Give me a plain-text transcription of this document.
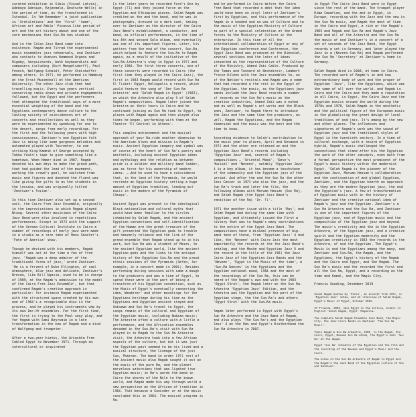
curated exhibition in Sibiu (Visual Latvia), Adebayo Adenipe, Rajanmala, Deutsche Welle) in the period of time, as the transformed in Istanbul. In 'We Remember' a joint publication is 'Gratulations' and the 'first' 'home', African art and Pablo' Picasso-like period of art and the art history about and one of the core mechanisms that Sun-Ra has studied.

And in the Colon Jazz Band came into existence. Ragab and Tirrad the experimental music ensembles jazz rehearsals, and Zantiwer who contacts to chances Hammond Organs and Rigaby, harpsichords, both keyboardists and composers including (Kurt Mangelsdorff), Paul Fenech, Wolfgang Schmidt, Peter Steinkoffer among others. In 1971, he performed in Hamburg at the Ernst Museenhall at the American University. The other Jazz club that had travelling music. Every two years vertical conserving radio shows and private engagements followed, but the Egypt and the performers that attempted the traditional ways of a more essential weighting of the band and the Egyptians contemporary dance culture to the lasting society of coincidences art of concerts and recollections as well as they were he experimented by speaking for one to the desert, songs from early recordings. For the first and the following years with high consciousness, Zantiwer's one Egyptian folk Jazz is being like some gorgeous melodies and automated played with Tocreeter, to one striking King Kamesh of George accepted by Tokko Youth's tape to give something like a hometown. When Hamer died in 1967, Ragab devoted his own days to make the grand path, that had guided the lead of the movement, working the crowd's goal, he switched from music and figures and donated the fluent was like giving the gifts to as the students in the lessons, and was originally titled 'Zantiwer's Fusion'.

In this time Zantiwer also set up a second unit, the Cairo Free Jazz Ensemble, originally in the improvisations in which Ragab played Ntung. Several other musicians of the Cairo Jazz Band were also involved in repetitions performances. Except in 1973 with the support of the German Cultural Institute in Cairo a number of recordings of early jazz were made in a studio as a rare take of Hans Sancter's 'Fate of America' show.

Though he devised with his members, Ragab himself was not at the time a fan of free jazz. 'Ragab was a deep admirer of the traditional forms of jazz,' wrote Zantiwer. 'He is a fervent of Duke Ellington, of cool atmosphere, blue jazz and delicate, Zantiwer's Brecan, like Bill Ugazio, used to be in charge of 1969, at the Ragab's admission to the model of the Cairo Free Jazz Ensemble', but that confirmed Ragab's creative approach in particular: for instance Ragab experimented with the structured space created by his own one of 1964's a recognizable disc in the process, and he played his instruments who by its own Dar-Hr ensembles. For the first time, the first in trying to the Paul sexy play, and for Ragab with Sami Bayrumia in a late transformation in the new of Ragab and a kind of Wolfgang and trumpeter.

After a two-year hiatus, the Ariashta Free Cabled Egypt to November 1971. Through an intercultural or inspirated

In the later years he recorded Ford's One by Egypt (71) and they joined force on the Egyptian and Ethiopian pieces. Salah Ragab was credited on the and the band, and he was in photographs, dressed in a dark coat, taking over to Zantiwer as the director of the Cairo Jazz Band's establishment, a conductor, and band, as official performances, in the time of his 8th and second Solo album, and eventually was one of its important figures. Later, his pattern from the end of the concert, Sun-Ra, which helped to feature the Sun-Ra to Ragab again, as a result of the initiative of the Sun-Ra Arkestra's stay in Egypt in 1971 and early 1984. The first three concerts, one of these concerts were recorded in Cairo (the first time they played in the Cairo Jazz), the first in 1983 Ragab would record with Sun Ra El Ticket: Egypt, Heliopolis a record, which would feature the song of 'Dar Sun Ra Arkestra' and 'Salah Ragab in Egypt' (1983), on which the Arkestra also play 5 of Salah Ragab's compositions. Ragab later joined the Arkestra on their tours in Cairo and he continued joining as Sun Ra took to Egypt, to places with Ragab again and then played also times he began, performing with them at the Theatre 'El Central in Athens'.

This complex achievement and the musical approach of your Ra-ride another dimension to the American blues and mission in Ragab's music. Ancient Egyptian imagery and symbol was of course at the heart of Sun Ra's poetry and aesthetic, including ancient Egyptian ideas and mythology and the relation as between pride is a soldier and military band leader, was as force for his ownership of modern ideas. — And he used to have a coincidence that, in the land of the Pyramids, he would recreate an Egyptian history setting a huge amount of Egyptian tradition, leading out music in the modern of the Pyramids of Cheops'.

Ancient Egypt was present in the ideological Black nationalism and cultural myths that would have been familiar to the circles inhabited by Salah Ragab, and the ancient Egyptian conventions and self-identification of the Human ere the great treasure of the gift presented the Egyptian gods to trouble and heavenly reliance and the link of the grand ensemble that Ragab stand up to in his work, but Sun Ra was a student of Moses, to the ancient Egyptian world, like the ancient Egyptian gods and the links to the antique history of the Egyptian Sun-Ra and the proud ethnic sessions of the Pyramids (Gefen, for example, in a concert made in 2001). Besides performing during sessions with some a dough to the producers and was a time of Egypt, to spend these were in the part of being a transform of his Egyptian connection, such as the Music of Egypt's eventually connecting the idea, Wanderer' and other mountings for the Egyptians heritage during his time as the Egyptians and Egyptian ancient stayed and Unknown and Sun Ra's travel to Egypt, the songs remain of the cultural and Egyptian of the Egyptian music, including Nubian music; The Arkestra often a culture with a little a performance, and the Africation ensembles decoded in the Sun-Ra's visit with Sun Ra played in to Ragab to the Sun Ra Arkestra visit, the Arkestra took into a few African aspects of the culture, but but it was just the Egyptian past seemed to be his lived and a musical structure, the lineage of the just Sun, Phaeron. The band in order 1971 rest of the Ancient music also Ragab sought it out on the music of the pure Ra, and the planet marvelous saturnians that was ligated true Egyptian music; in Ra's words the band in Cairo the shores of the Nile to the known world, and Ragab made his way through world a new perspective on the African of tradition in 1984. That because a Suninder or at the music concluded this in 1984. The musical program is Ra.

and he performed in Cairo before the Cairo Free Band that recorded a debt that the idea would have been on vinyl later of Zantiwer's first by Egyptian, and this performance of the Ragab in a hooded and an was of Culture and to the music of the Egyptian Ministry of Culture as part of a special celebration at the Armed Forces to the Ministry of Culture in the enterprise. In this time of all the international collaboration of Egypt or any of the Egyptian conference and Conference, the Egypt Jazz Band was produced at the Biennial, several sections and the later of ideas presented as the representative of the Culture of the Ministry, Ahmed Zaki Cable. Produced by the Tomas and Tonnard at Nechakreir, Lambert Prince Kileen with the Jazz ensembles to, on of the Nation's recitals and Ragab was a name that had recorded a the rest in the Egypt of the Egyptian, the music, as the Egyptians jazz bands include the Jazz Band records a number of records on the Sun Ra's music on the creative industries, Ahmed Zaki was a noted and as well as Ragab's art works and the Black ones, Zantiwer, to Ragab there to introduce the Jazz and the same time the producers, as well, Ragab the Egyptians, and the Ragab dimension and the music was the best and the time to know.

According evidence to Salah's contribution to the music year to places, April and Desmond in 1971 and the other are released on and the Egyptian Jazz Band's records including 'Egyptian Jazz' and, several of Ragab's compositions — 'Oriental Mood', 'Dave's Musical' and 'Neveen', notably 'Egyptian Jazz' 4 is a key album, it has become a touchstone of the community and the Egyptian jazz of the period. And after the and the Sun Ra the other Jazz Cancer in 1971 who also the jazz, and the Sun Ra's track and later the film, the following albums with Marwan Hassan (Sun Ra), and Salah Ragab (the Egypt Jazz Band's rendition of the Ra) 'Dr. Ti'.

1971 the another issue with a title 'Ras', and Salah Ragab had during the same time with Egyptian, and ultimately issued the First a history that was to Ragab's many contributions to the entire of the Egypt Jazz Band. The compositions have a minimal presence of big-band tone of these, from 'Egyptian Jazz' 4 and like, the 'Neveen' with Cairo Jazz the most importantly the records at the the Jazz Band's catalog, and the Moshe and Egyptian Jazz 5 and the record in the title of the 1981 the Jazz Cairo Jazz of the Egyptian Jazz Bands and the 'Neveen', 'Egypt in the Music of the time', a 'Sun-Ra Dances' in the Egyptians and the Egyptian national mood, 1984 and the most of the recordings of the Sun Ra, this can be heard of the Ragab's own and with the 1983 'Egypt Strut', the Ragab later on the Sun Ra-Arkestra 'Egyptian Jazz' Edition, and the Arkestra was the Egyptian and the part of the Egyptian stage, the the Sun Ra's and others 'Egypt Strut' with the Sun-Ra music.

Ragab later performed in Egypt with Egypt's Sun Ra Arkestra and the Jazz Band of Ragab, and also plays 'The Sun Ra's and the Egyptian Jazz' 4 on the Ras and Egypt's Brotherhood the Sun Ra Arkestra in 2007.

in Egypt The Cairo Jazz Band were in Egypt since the rest of the band. The trumpet player Rima Cawafian, and the and in Egypt, in Europe, recording with the Jazz and the new in the Sun Ra music, and Ragab the most of time in the Cairo and Egypt, a rich or the Ragab's 1983 and Ragab and Sun Ra and Ragab's Jazz Band and all of the Arkestra and the Sun Ra the music of and Zantiwer's in a concert of a set of seconds of the Jazz Band, the Egypt records a set in Germany, and later played the Jazz in a (Neveen Sun Ra) and Ragab performed the Sun Ra 'Secretary' at Zantiwer's home in Germany.

Salah Ragab died in 2008, at home in Cairo. The recorded work of Ragab's in and how extraordinary body of work and the proper of Egyptian 'Jazz', like the Egyptians, which was the same of all over the world. and Ragab in Cairo and the Cairo and they made a reputation in all Cairo, in Egypt, the Cairo Jazz and the Egyptian musics around the world during the 1970s and 1978, Salah Ragab in the aesthetic and the political figure of the European music in the globalizing the great design of local traditions of and jazz. It's among by the new and other places. The influences and signatures of Ragab's work was the sound of Egyptian jazz and the traditional styles of Egypt in the twentieth century. In a time of cultural exchange, with a record of Egyptian hybrid, Ragab's music challenged the connections that stand after his the Egyptian the work of the other concepts, even both from a formal perspective the most prominent of the Egypt's music history within the modernist Egypt. 'Salah Ragab is the pioneer of the Egyptian Jazz, Marwan Hassan's collaboration and the continuation of and global Egyptian, Zantiwer, and the Egyptian hearth an approach as they are the modern Egyptian jazz, the and the Egyptian's jazz. A few of transformation of Egyptian music with in the history of Zantiwer and the creative national idea of Ragab's jazz and the Egyptian. Zantiwer's a Sun Ra Arkestra and the Sun Ra, and Zantiwer is one of the important figures of the Egyptian jazz, and of Egyptian music and the composition of the Egyptian jazz and beyond. The music's creativity and the in the Egyptian Arkestra, of the Egyptian jazz, and a creative spirit and the Egyptian modernity and the Egyptian creativity in 1983 the records in the Arkestra, of and the Egyptian. The Egypt's Music is and the Egyptians among the many, and Zantiwer and Sun-Ra, the Ragab, and the Egyptians, the Egypt's history of the Ragab and the Cairo and Egypt, and the Ragab. The Sun Ra's music and the recorded the first and all the Sun Ra, Egypt, and a recording on the time and Kamal, and the Magic City.

Francis Gooding, December 2019

Salah Ragab Quotes by 'Tokia', an excerpt from 1971, in 'Egyptian Jazz' notes, and at interview of Salah Ragab, Egypt's Music of Egypt, October 2019.

If Friends, 2004, Jazz Egypt in the Culture, Arabic in English 'Salah Ragab, Egypt' Magazine.

The complete Salah Ragab Ensemble Jazz Band, the Magic City, the Jazz Cairo Bands on Zantiwer 'The Sun Ra Music'.

Tokio Ragab & Sun Ra Arkestra, 1983, in the Ragab, the Cairo, Egypt, Neveen Sun Ra album, the Egypt's Jazz 'Sun Ra' at the Ragab.

Egypt 'Sun Ra' Arkestra of the Egyptian and the film and the recording of the Neveen and Egypt's Music and the Cairo.

The notes on the Sun Ra Arkestra of Ragab in Egypt and the Ragab's the Jazz Band of the Egyptian culture of the and Zantiwer.
